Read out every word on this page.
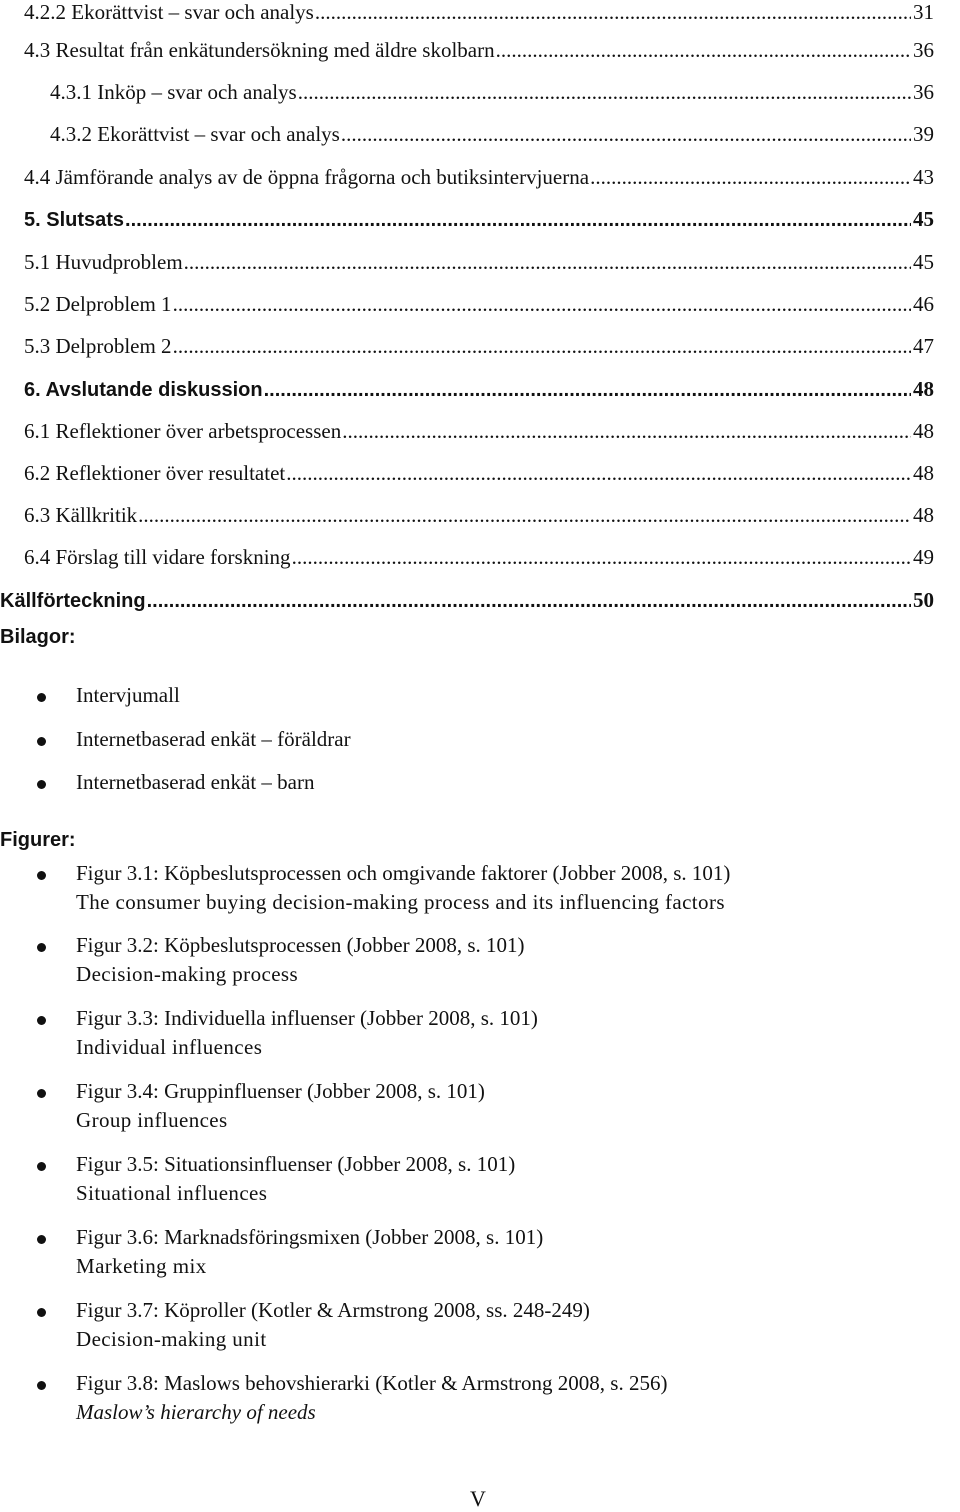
4.2.2 Ekorättvist – svar och analys .....	31
4.3 Resultat från enkätundersökning med äldre skolbarn .....	36
4.3.1 Inköp – svar och analys .....	36
4.3.2 Ekorättvist – svar och analys .....	39
4.4 Jämförande analys av de öppna frågorna och butiksintervjuerna .....	43
5. Slutsats .....	45
5.1 Huvudproblem .....	45
5.2 Delproblem 1 .....	46
5.3 Delproblem 2 .....	47
6. Avslutande diskussion .....	48
6.1 Reflektioner över arbetsprocessen .....	48
6.2 Reflektioner över resultatet .....	48
6.3 Källkritik .....	48
6.4 Förslag till vidare forskning .....	49
Källförteckning .....	50
Bilagor:
Intervjumall
Internetbaserad enkät – föräldrar
Internetbaserad enkät – barn
Figurer:
Figur 3.1: Köpbeslutsprocessen och omgivande faktorer (Jobber 2008, s. 101)
The consumer buying decision-making process and its influencing factors
Figur 3.2: Köpbeslutsprocessen (Jobber 2008, s. 101)
Decision-making process
Figur 3.3: Individuella influenser (Jobber 2008, s. 101)
Individual influences
Figur 3.4: Gruppinfluenser (Jobber 2008, s. 101)
Group influences
Figur 3.5: Situationsinfluenser (Jobber 2008, s. 101)
Situational influences
Figur 3.6: Marknadsföringsmixen (Jobber 2008, s. 101)
Marketing mix
Figur 3.7: Köproller (Kotler & Armstrong 2008, ss. 248-249)
Decision-making unit
Figur 3.8: Maslows behovshierarki (Kotler & Armstrong 2008, s. 256)
Maslow’s hierarchy of needs
V
